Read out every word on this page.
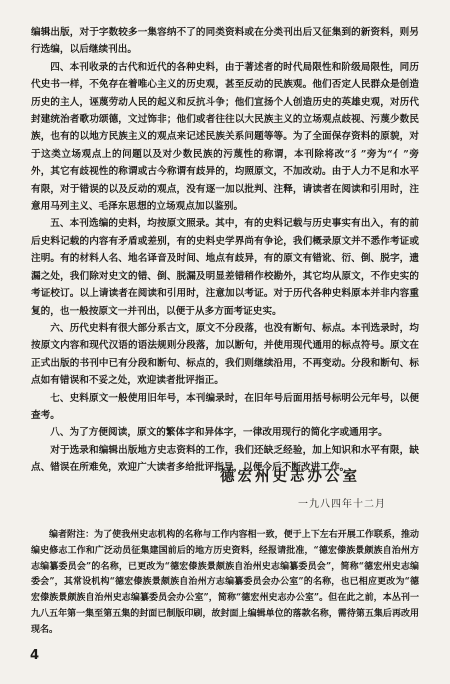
编辑出版，对于字数较多一集容纳不了的同类资料或在分类刊出后又征集到的新资料，则另行选编，以后继续刊出。

四、本刊收录的古代和近代的各种史料，由于著述者的时代局限性和阶级局限性，同历代史书一样，不免存在着唯心主义的历史观，甚至反动的民族观。他们否定人民群众是创造历史的主人，诬蔑劳动人民的起义和反抗斗争；他们宣扬个人创造历史的英雄史观，对历代封建统治者歌功颂德，文过饰非；他们或者往往以大民族主义的立场观点歧视、污蔑少数民族，也有的以地方民族主义的观点来记述民族关系问题等等。为了全面保存资料的原貌，对于这类立场观点上的问题以及对少数民族的污蔑性的称谓，本刊除将改“犭”旁为“亻”旁外，其它有歧视性的称谓或古今称谓有歧异的，均照原文，不加改动。由于人力不足和水平有限，对于错误的以及反动的观点，没有逐一加以批判、注释，请读者在阅读和引用时，注意用马列主义、毛泽东思想的立场观点加以鉴别。

五、本刊选编的史料，均按原文照录。其中，有的史料记载与历史事实有出入，有的前后史料记载的内容有矛盾或差别，有的史料史学界尚有争论，我们概录原文并不悉作考证或注明。有的材料人名、地名译音及时间、地点有歧异，有的原文有错讹、衍、倒、脱字，遗漏之处，我们除对史文的错、倒、脱漏及明显差错稍作校勘外，其它均从原文，不作史实的考证校订。以上请读者在阅读和引用时，注意加以考证。对于历代各种史料原本并非内容重复的，也一般按原文一并刊出，以便于从多方面考证史实。

六、历代史料有很大部分系古文，原文不分段落，也没有断句、标点。本刊选录时，均按原文内容和现代汉语的语法规则分段落，加以断句，并使用现代通用的标点符号。原文在正式出版的书刊中已有分段和断句、标点的，我们则继续沿用，不再变动。分段和断句、标点如有错误和不妥之处，欢迎读者批评指正。

七、史料原文一般使用旧年号，本刊编录时，在旧年号后面用括号标明公元年号，以便查考。

八、为了方便阅读，原文的繁体字和异体字，一律改用现行的简化字或通用字。

对于选录和编辑出版地方史志资料的工作，我们还缺乏经验，加上知识和水平有限，缺点、错误在所难免，欢迎广大读者多给批评指导，以便今后不断改进工作。

德宏州史志办公室

一九八四年十二月

编者附注：为了使我州史志机构的名称与工作内容相一致，便于上下左右开展工作联系，推动编史修志工作和广泛动员征集建国前后的地方历史资料，经报请批准，“德宏傣族景颇族自治州方志编纂委员会”的名称，已更改为“德宏傣族景颇族自治州史志编纂委员会”，简称“德宏州史志编委会”，其常设机构“德宏傣族景颇族自治州方志编纂委员会办公室”的名称，也已相应更改为“德宏傣族景颇族自治州史志编纂委员会办公室”，简称“德宏州史志办公室”。但在此之前，本丛刊一九八五年第一集至第五集的封面已制版印刷，故封面上编辑单位的落款名称，需待第五集后再改用现名。

4
